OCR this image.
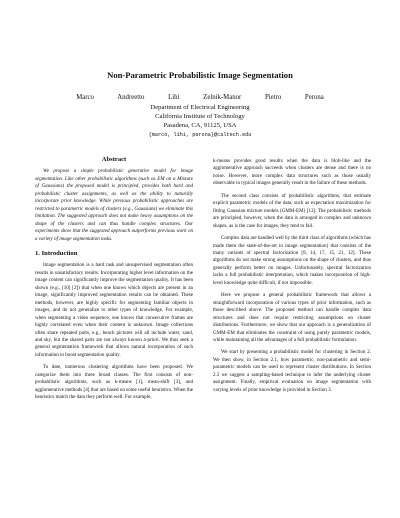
Non-Parametric Probabilistic Image Segmentation
Marco Andreetto	Lihi Zelnik-Manor	Pietro Perona
Department of Electrical Engineering
California Institute of Technology
Pasadena, CA, 91125, USA
{marco, lihi, perona}@caltech.edu
Abstract

We propose a simple probabilistic generative model for image segmentation. Like other probabilistic algorithms (such as EM on a Mixture of Gaussians) the proposed model is principled, provides both hard and probabilistic cluster assignments, as well as the ability to naturally incorporate prior knowledge. While previous probabilistic approaches are restricted to parametric models of clusters (e.g., Gaussians) we eliminate this limitation. The suggested approach does not make heavy assumptions on the shape of the clusters and can thus handle complex structures. Our experiments show that the suggested approach outperforms previous work on a variety of image segmentation tasks.

1. Introduction

Image segmentation is a hard task and unsupervised segmentation often results in unsatisfactory results. Incorporating higher level information on the image content can significantly improve the segmentation quality. It has been shown (e.g., [10] [2]) that when one knows which objects are present in an image, significantly improved segmentation results can be obtained. These methods, however, are highly specific for segmenting familiar objects in images, and do not generalize to other types of knowledge. For example, when segmenting a video sequence, one knows that consecutive frames are highly correlated even when their content is unknown. Image collections often share repeated parts, e.g., beach pictures will all include water, sand, and sky, but the shared parts are not always known a-priori. We thus seek a general segmentation framework that allows natural incorporation of such information to boost segmentation quality.

To date, numerous clustering algorithms have been proposed. We categorize them into three broad classes. The first consists of non-probabilistic algorithms, such as k-means [1], mean-shift [3], and agglomerative methods [4] that are based on some useful heuristics. When the heuristics match the data they perform well. For example,

k-means provides good results when the data is blob-like and the agglomerative approach succeeds when clusters are dense and there is no noise. However, more complex data structures such as those usually observable in typical images generally result in the failure of these methods.

The second class consists of probabilistic algorithms, that estimate explicit parametric models of the data, such as expectation maximization for fitting Gaussian mixture models (GMM-EM) [13]. The probabilistic methods are principled, however, when the data is arranged in complex and unknown shapes, as is the case for images, they tend to fail.

Complex data are handled well by the third class of algorithms (which has made them the state-of-the-art in image segmentation) that consists of the many variants of spectral factorization [8, 14, 17, 15, 21, 12]. These algorithms do not make strong assumptions on the shape of clusters, and thus generally perform better on images. Unfortunately, spectral factorization lacks a full probabilistic interpretation, which makes incorporation of high-level knowledge quite difficult, if not impossible.

Here we propose a general probabilistic framework that allows a straightforward incorporation of various types of prior information, such as those described above. The proposed method can handle complex data structures and does not require restricting assumptions on cluster distributions. Furthermore, we show that our approach is a generalization of GMM-EM that eliminates the constraint of using purely parametric models, while maintaining all the advantages of a full probabilistic formulation.

We start by presenting a probabilistic model for clustering in Section 2. We then show, in Section 2.1, how parametric, non-parametric and semi-parametric models can be used to represent cluster distributions. In Section 2.3 we suggest a sampling-based technique to infer the underlying cluster assignment. Finally, empirical evaluation on image segmentation with varying levels of prior knowledge is provided in Section 3.
